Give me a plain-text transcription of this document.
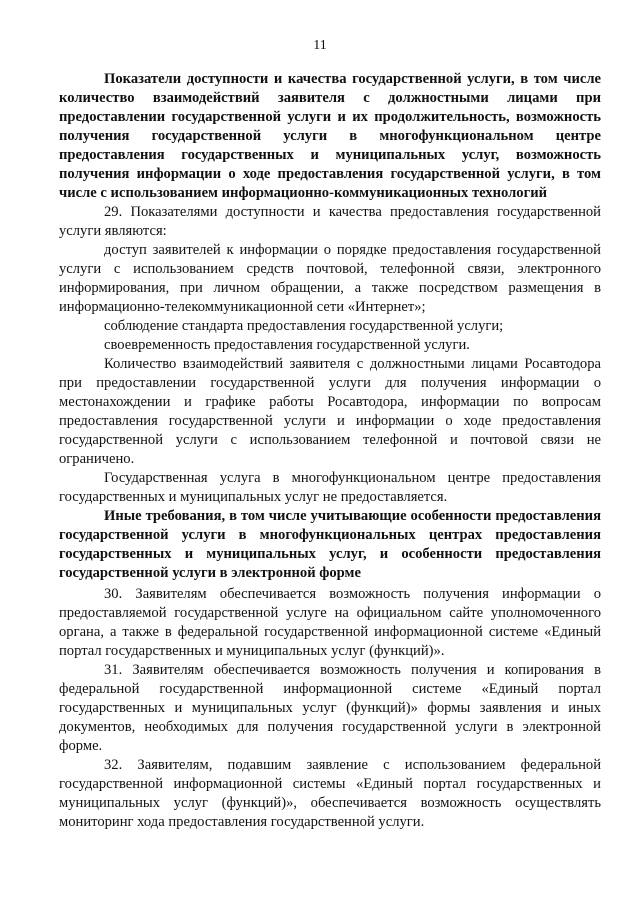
11

Показатели доступности и качества государственной услуги, в том числе количество взаимодействий заявителя с должностными лицами при предоставлении государственной услуги и их продолжительность, возможность получения государственной услуги в многофункциональном центре предоставления государственных и муниципальных услуг, возможность получения информации о ходе предоставления государственной услуги, в том числе с использованием информационно-коммуникационных технологий

29. Показателями доступности и качества предоставления государственной услуги являются:

доступ заявителей к информации о порядке предоставления государственной услуги с использованием средств почтовой, телефонной связи, электронного информирования, при личном обращении, а также посредством размещения в информационно-телекоммуникационной сети «Интернет»;

соблюдение стандарта предоставления государственной услуги;

своевременность предоставления государственной услуги.

Количество взаимодействий заявителя с должностными лицами Росавтодора при предоставлении государственной услуги для получения информации о местонахождении и графике работы Росавтодора, информации по вопросам предоставления государственной услуги и информации о ходе предоставления государственной услуги с использованием телефонной и почтовой связи не ограничено.

Государственная услуга в многофункциональном центре предоставления государственных и муниципальных услуг не предоставляется.

Иные требования, в том числе учитывающие особенности предоставления государственной услуги в многофункциональных центрах предоставления государственных и муниципальных услуг, и особенности предоставления государственной услуги в электронной форме

30. Заявителям обеспечивается возможность получения информации о предоставляемой государственной услуге на официальном сайте уполномоченного органа, а также в федеральной государственной информационной системе «Единый портал государственных и муниципальных услуг (функций)».

31. Заявителям обеспечивается возможность получения и копирования в федеральной государственной информационной системе «Единый портал государственных и муниципальных услуг (функций)» формы заявления и иных документов, необходимых для получения государственной услуги в электронной форме.

32. Заявителям, подавшим заявление с использованием федеральной государственной информационной системы «Единый портал государственных и муниципальных услуг (функций)», обеспечивается возможность осуществлять мониторинг хода предоставления государственной услуги.
